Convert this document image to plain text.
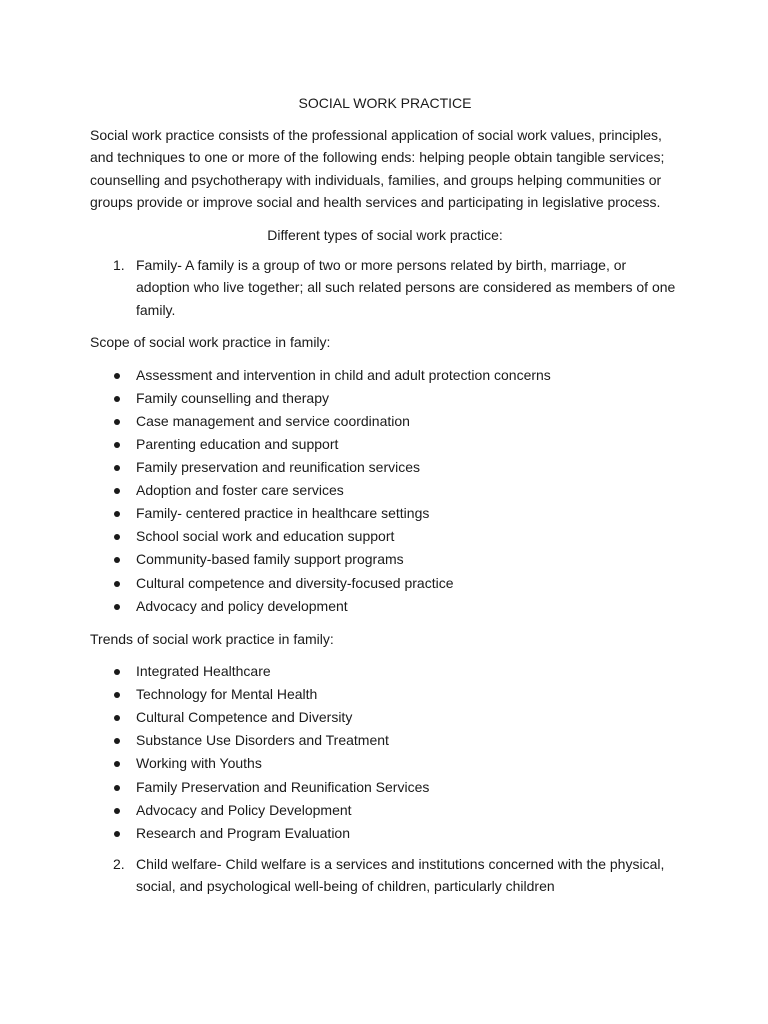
SOCIAL WORK PRACTICE

Social work practice consists of the professional application of social work values, principles, and techniques to one or more of the following ends: helping people obtain tangible services; counselling and psychotherapy with individuals, families, and groups helping communities or groups provide or improve social and health services and participating in legislative process.

Different types of social work practice:

1. Family- A family is a group of two or more persons related by birth, marriage, or adoption who live together; all such related persons are considered as members of one family.

Scope of social work practice in family:

Assessment and intervention in child and adult protection concerns
Family counselling and therapy
Case management and service coordination
Parenting education and support
Family preservation and reunification services
Adoption and foster care services
Family- centered practice in healthcare settings
School social work and education support
Community-based family support programs
Cultural competence and diversity-focused practice
Advocacy and policy development

Trends of social work practice in family:

Integrated Healthcare
Technology for Mental Health
Cultural Competence and Diversity
Substance Use Disorders and Treatment
Working with Youths
Family Preservation and Reunification Services
Advocacy and Policy Development
Research and Program Evaluation
2. Child welfare- Child welfare is a services and institutions concerned with the physical, social, and psychological well-being of children, particularly children
